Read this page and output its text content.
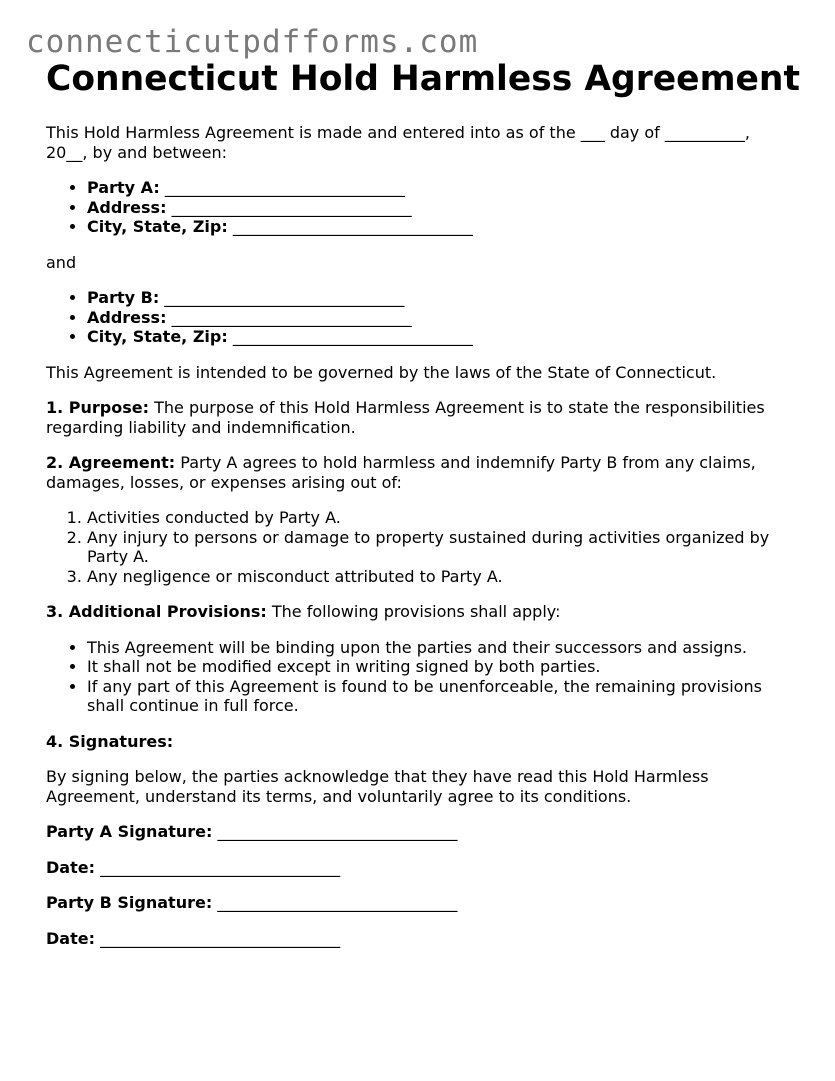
connecticutpdfforms.com
Connecticut Hold Harmless Agreement

This Hold Harmless Agreement is made and entered into as of the ___ day of __________, 20__, by and between:

• Party A: ______________________________
• Address: ______________________________
• City, State, Zip: ______________________________

and

• Party B: ______________________________
• Address: ______________________________
• City, State, Zip: ______________________________

This Agreement is intended to be governed by the laws of the State of Connecticut.

1. Purpose: The purpose of this Hold Harmless Agreement is to state the responsibilities regarding liability and indemnification.

2. Agreement: Party A agrees to hold harmless and indemnify Party B from any claims, damages, losses, or expenses arising out of:

1. Activities conducted by Party A.
2. Any injury to persons or damage to property sustained during activities organized by Party A.
3. Any negligence or misconduct attributed to Party A.

3. Additional Provisions: The following provisions shall apply:

• This Agreement will be binding upon the parties and their successors and assigns.
• It shall not be modified except in writing signed by both parties.
• If any part of this Agreement is found to be unenforceable, the remaining provisions shall continue in full force.

4. Signatures:

By signing below, the parties acknowledge that they have read this Hold Harmless Agreement, understand its terms, and voluntarily agree to its conditions.

Party A Signature: ______________________________
Date: ______________________________
Party B Signature: ______________________________
Date: ______________________________
